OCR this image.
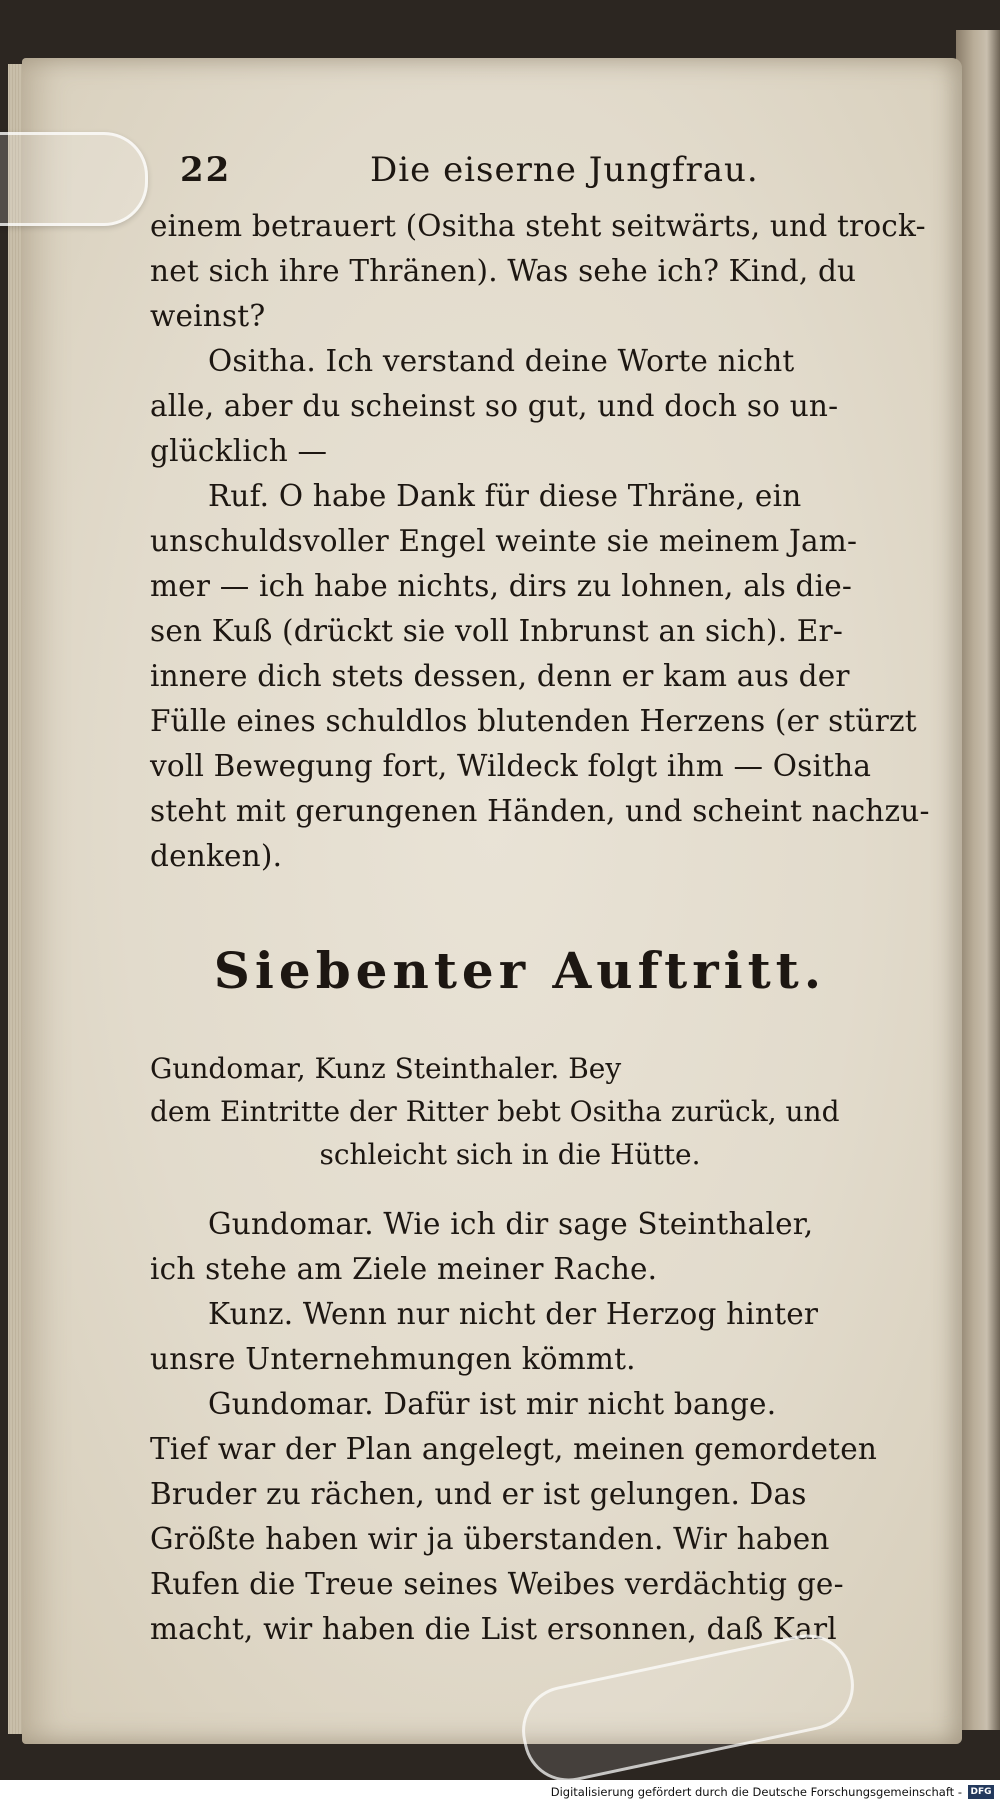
22	Die eiserne Jungfrau.
einem betrauert (Ositha steht seitwärts, und trock-
net sich ihre Thränen). Was sehe ich? Kind, du
weinst?
Ositha. Ich verstand deine Worte nicht
alle, aber du scheinst so gut, und doch so un-
glücklich —
Ruf. O habe Dank für diese Thräne, ein
unschuldsvoller Engel weinte sie meinem Jam-
mer — ich habe nichts, dirs zu lohnen, als die-
sen Kuß (drückt sie voll Inbrunst an sich). Er-
innere dich stets dessen, denn er kam aus der
Fülle eines schuldlos blutenden Herzens (er stürzt
voll Bewegung fort, Wildeck folgt ihm — Ositha
steht mit gerungenen Händen, und scheint nachzu-
denken).
Siebenter Auftritt.
Gundomar, Kunz Steinthaler. Bey
dem Eintritte der Ritter bebt Ositha zurück, und
schleicht sich in die Hütte.
Gundomar. Wie ich dir sage Steinthaler,
ich stehe am Ziele meiner Rache.
Kunz. Wenn nur nicht der Herzog hinter
unsre Unternehmungen kömmt.
Gundomar. Dafür ist mir nicht bange.
Tief war der Plan angelegt, meinen gemordeten
Bruder zu rächen, und er ist gelungen. Das
Größte haben wir ja überstanden. Wir haben
Rufen die Treue seines Weibes verdächtig ge-
macht, wir haben die List ersonnen, daß Karl
Digitalisierung gefördert durch die Deutsche Forschungsgemeinschaft - DFG
